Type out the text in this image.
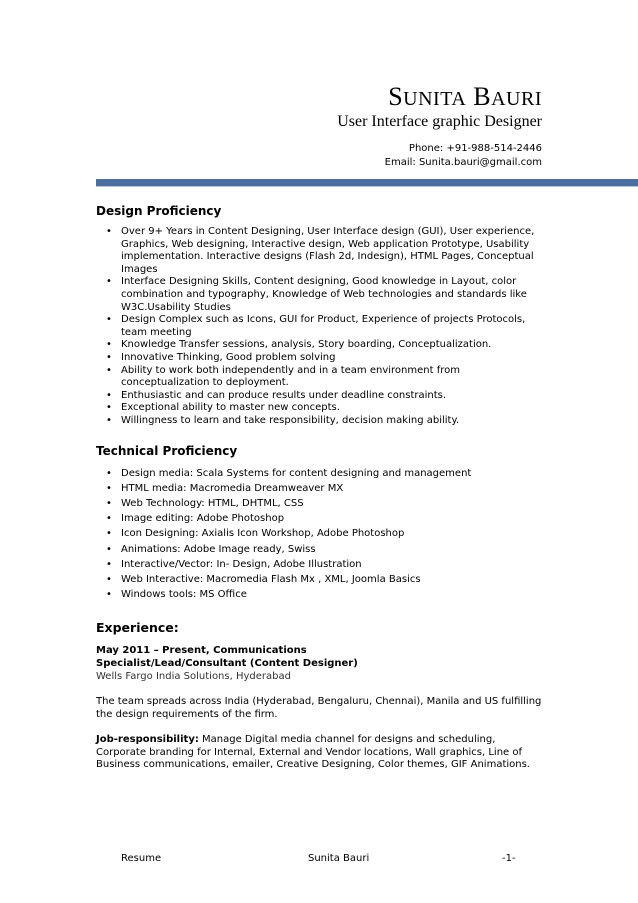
SUNITA BAURI

User Interface graphic Designer

Phone: +91-988-514-2446
Email: Sunita.bauri@gmail.com
Design Proficiency
• Over 9+ Years in Content Designing, User Interface design (GUI), User experience, Graphics, Web designing, Interactive design, Web application Prototype, Usability implementation. Interactive designs (Flash 2d, Indesign), HTML Pages, Conceptual Images
• Interface Designing Skills, Content designing, Good knowledge in Layout, color combination and typography, Knowledge of Web technologies and standards like W3C.Usability Studies
• Design Complex such as Icons, GUI for Product, Experience of projects Protocols, team meeting
• Knowledge Transfer sessions, analysis, Story boarding, Conceptualization.
• Innovative Thinking, Good problem solving
• Ability to work both independently and in a team environment from conceptualization to deployment.
• Enthusiastic and can produce results under deadline constraints.
• Exceptional ability to master new concepts.
• Willingness to learn and take responsibility, decision making ability.
Technical Proficiency
• Design media: Scala Systems for content designing and management
• HTML media: Macromedia Dreamweaver MX
• Web Technology: HTML, DHTML, CSS
• Image editing: Adobe Photoshop
• Icon Designing: Axialis Icon Workshop, Adobe Photoshop
• Animations: Adobe Image ready, Swiss
• Interactive/Vector: In- Design, Adobe Illustration
• Web Interactive: Macromedia Flash Mx , XML, Joomla Basics
• Windows tools: MS Office
Experience:

May 2011 – Present, Communications

Specialist/Lead/Consultant (Content Designer)

Wells Fargo India Solutions, Hyderabad

The team spreads across India (Hyderabad, Bengaluru, Chennai), Manila and US fulfilling the design requirements of the firm.

Job-responsibility: Manage Digital media channel for designs and scheduling, Corporate branding for Internal, External and Vendor locations, Wall graphics, Line of Business communications, emailer, Creative Designing, Color themes, GIF Animations.

Resume	Sunita Bauri	-1-
